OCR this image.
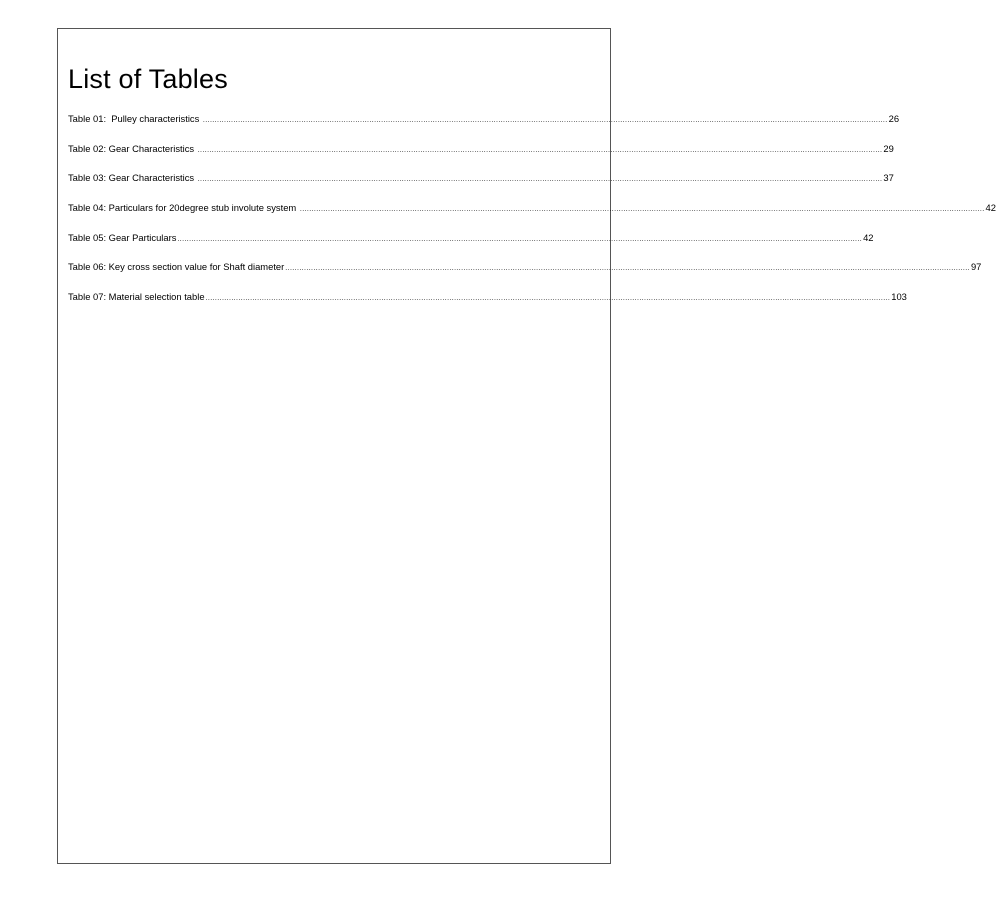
List of Tables
Table 01:  Pulley characteristics .................................................................................................................................................................................................................................................................................................... 26
Table 02: Gear Characteristics .................................................................................................................................................................................................................................................................................................... 29
Table 03: Gear Characteristics .................................................................................................................................................................................................................................................................................................... 37
Table 04: Particulars for 20degree stub involute system .................................................................................................................................................................................................................................................................................................... 42
Table 05: Gear Particulars .................................................................................................................................................................................................................................................................................................... 42
Table 06: Key cross section value for Shaft diameter .................................................................................................................................................................................................................................................................................................... 97
Table 07: Material selection table .................................................................................................................................................................................................................................................................................................... 103
